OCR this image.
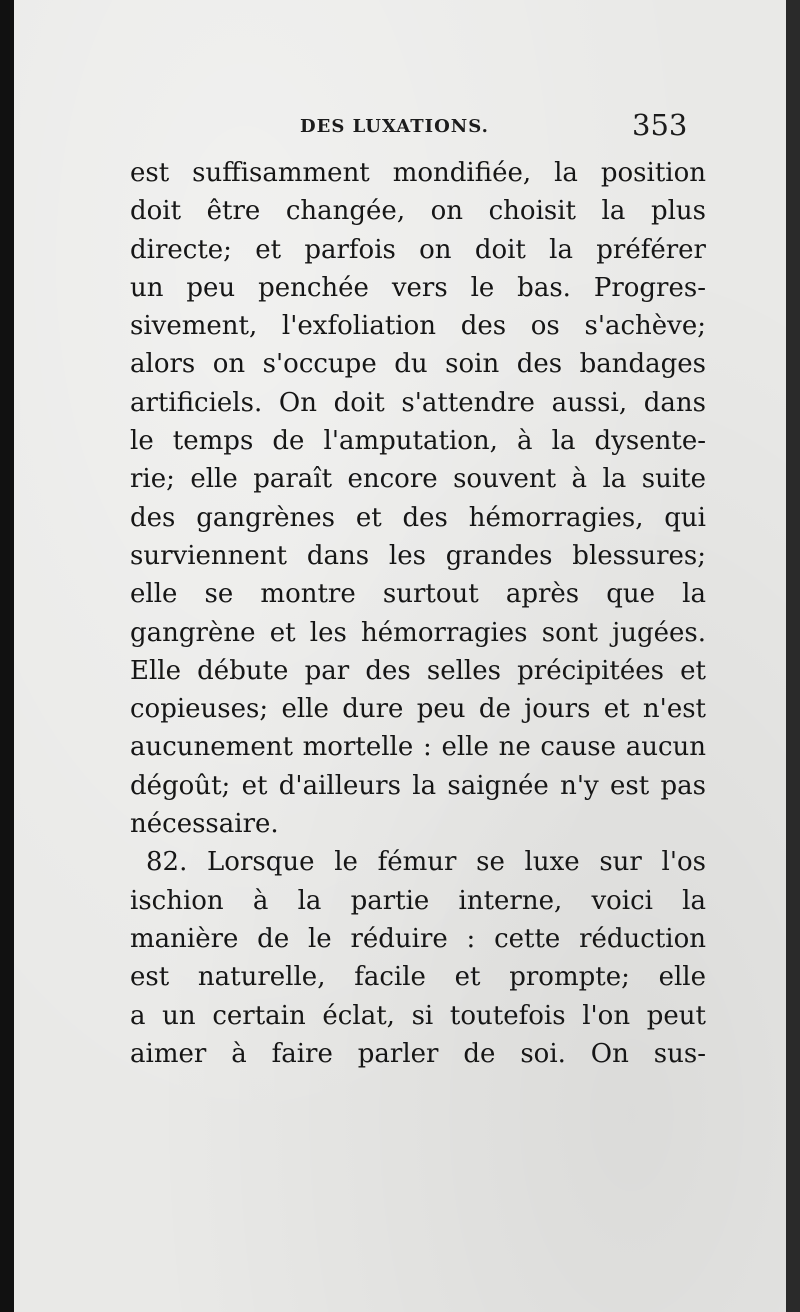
DES LUXATIONS.	353
est suffisamment mondifiée, la position
doit être changée, on choisit la plus
directe; et parfois on doit la préférer
un peu penchée vers le bas. Progres-
sivement, l'exfoliation des os s'achève;
alors on s'occupe du soin des bandages
artificiels. On doit s'attendre aussi, dans
le temps de l'amputation, à la dysente-
rie; elle paraît encore souvent à la suite
des gangrènes et des hémorragies, qui
surviennent dans les grandes blessures;
elle se montre surtout après que la
gangrène et les hémorragies sont jugées.
Elle débute par des selles précipitées et
copieuses; elle dure peu de jours et n'est
aucunement mortelle : elle ne cause aucun
dégoût; et d'ailleurs la saignée n'y est pas
nécessaire.
82. Lorsque le fémur se luxe sur l'os
ischion à la partie interne, voici la
manière de le réduire : cette réduction
est naturelle, facile et prompte; elle
a un certain éclat, si toutefois l'on peut
aimer à faire parler de soi. On sus-
